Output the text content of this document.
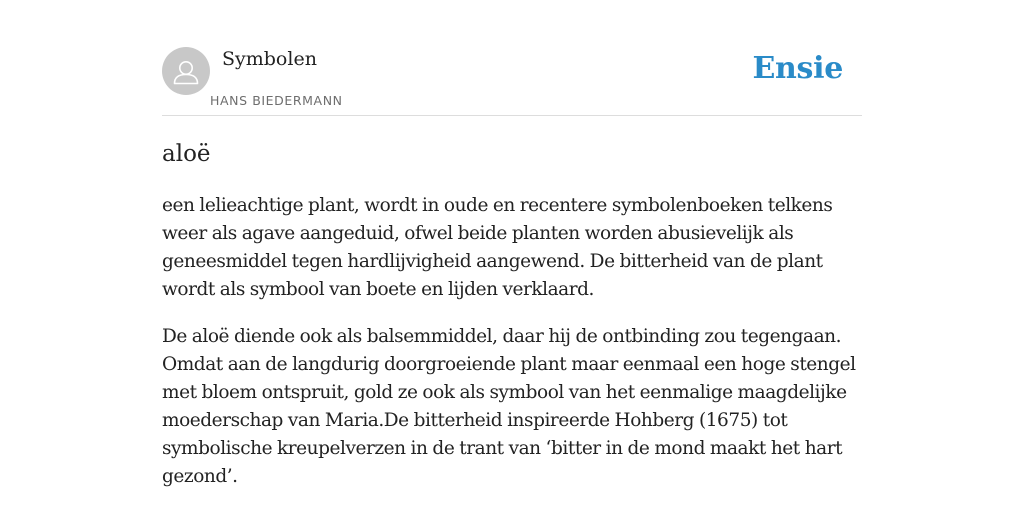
Symbolen
HANS BIEDERMANN
Ensie
aloë

een lelieachtige plant, wordt in oude en recentere symbolenboeken telkens weer als agave aangeduid, ofwel beide planten worden abusievelijk als geneesmiddel tegen hardlijvigheid aangewend. De bitterheid van de plant wordt als symbool van boete en lijden verklaard.

De aloë diende ook als balsemmiddel, daar hij de ontbinding zou tegengaan. Omdat aan de langdurig doorgroeiende plant maar eenmaal een hoge stengel met bloem ontspruit, gold ze ook als symbool van het eenmalige maagdelijke moederschap van Maria.De bitterheid inspireerde Hohberg (1675) tot symbolische kreupelverzen in de trant van ‘bitter in de mond maakt het hart gezond’.
